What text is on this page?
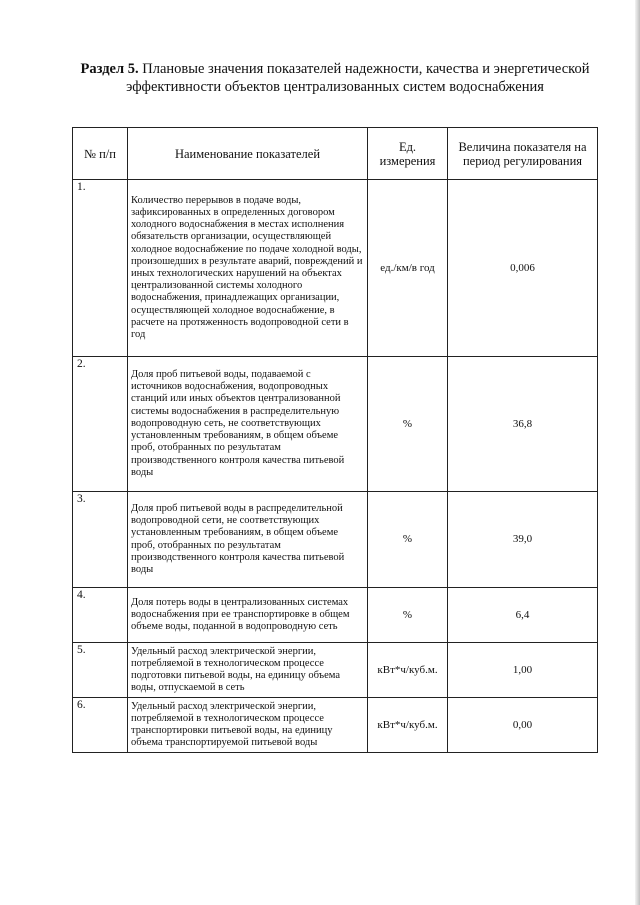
Раздел 5. Плановые значения показателей надежности, качества и энергетической эффективности объектов централизованных систем водоснабжения
№ п/п	Наименование показателей	Ед. измерения	Величина показателя на период регулирования
1.	Количество перерывов в подаче воды, зафиксированных в определенных договором холодного водоснабжения в местах исполнения обязательств организации, осуществляющей холодное водоснабжение по подаче холодной воды, произошедших в результате аварий, повреждений и иных технологических нарушений на объектах централизованной системы холодного водоснабжения, принадлежащих организации, осуществляющей холодное водоснабжение, в расчете на протяженность водопроводной сети в год	ед./км/в год	0,006
2.	Доля проб питьевой воды, подаваемой с источников водоснабжения, водопроводных станций или иных объектов централизованной системы водоснабжения в распределительную водопроводную сеть, не соответствующих установленным требованиям, в общем объеме проб, отобранных по результатам производственного контроля качества питьевой воды	%	36,8
3.	Доля проб питьевой воды в распределительной водопроводной сети, не соответствующих установленным требованиям, в общем объеме проб, отобранных по результатам производственного контроля качества питьевой воды	%	39,0
4.	Доля потерь воды в централизованных системах водоснабжения при ее транспортировке в общем объеме воды, поданной в водопроводную сеть	%	6,4
5.	Удельный расход электрической энергии, потребляемой в технологическом процессе подготовки питьевой воды, на единицу объема воды, отпускаемой в сеть	кВт*ч/куб.м.	1,00
6.	Удельный расход электрической энергии, потребляемой в технологическом процессе транспортировки питьевой воды, на единицу объема транспортируемой питьевой воды	кВт*ч/куб.м.	0,00
